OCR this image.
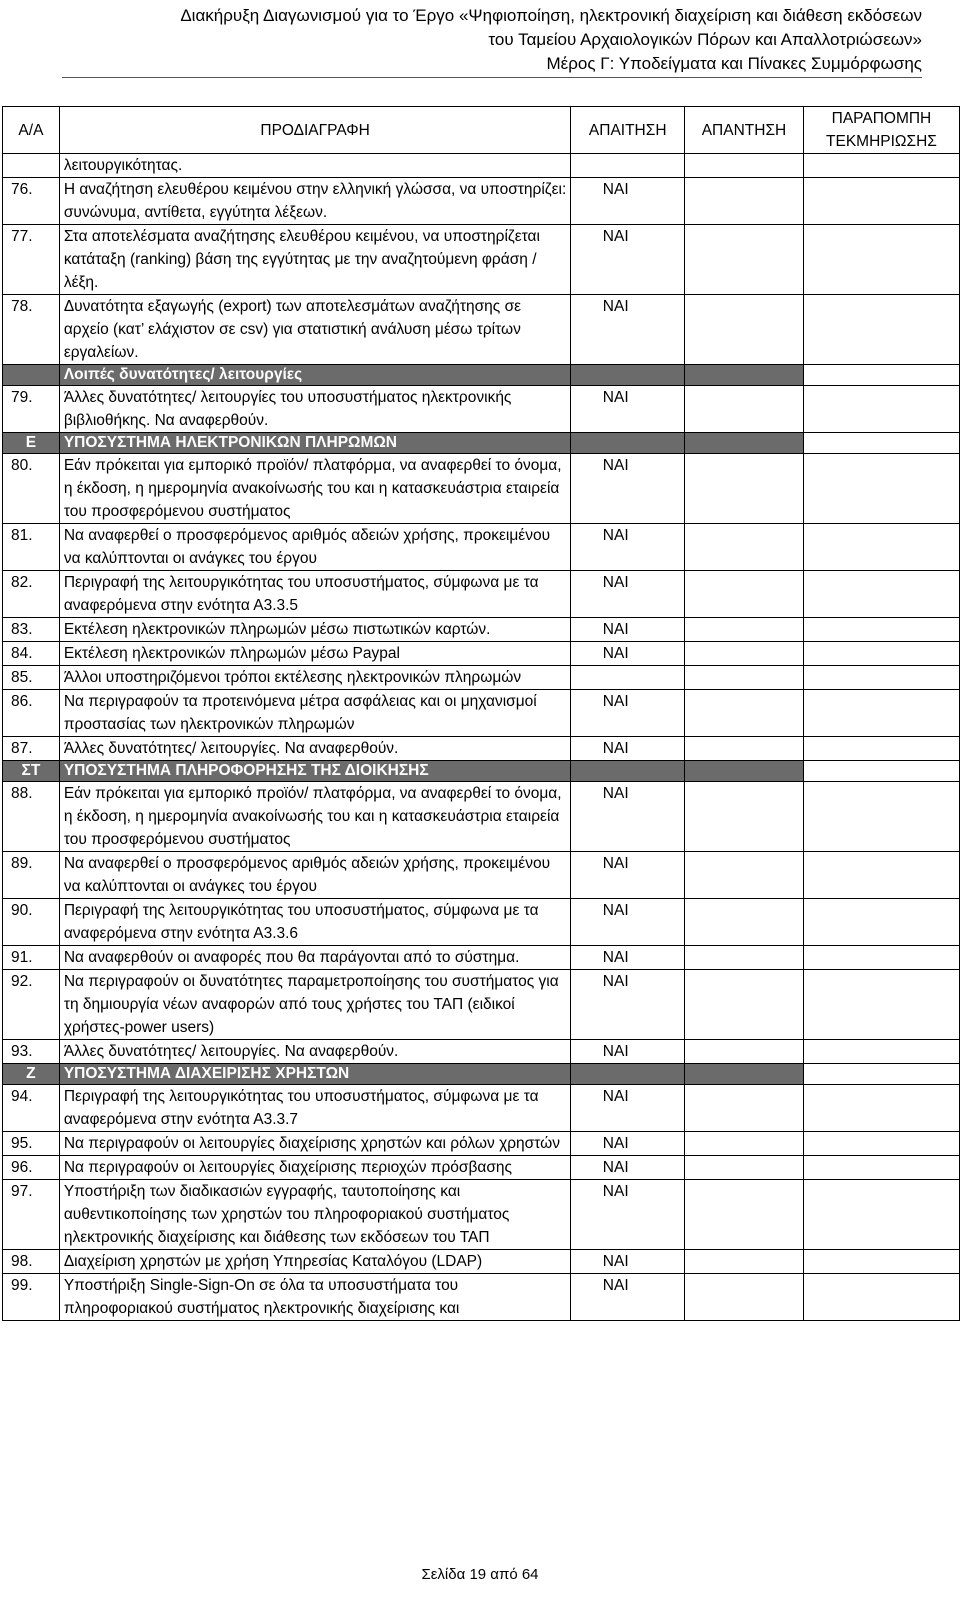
Διακήρυξη Διαγωνισμού για το Έργο «Ψηφιοποίηση, ηλεκτρονική διαχείριση και διάθεση εκδόσεων
του Ταμείου Αρχαιολογικών Πόρων και Απαλλοτριώσεων»
Μέρος Γ: Υποδείγματα και Πίνακες Συμμόρφωσης
Α/Α	ΠΡΟΔΙΑΓΡΑΦΗ	ΑΠΑΙΤΗΣΗ	ΑΠΑΝΤΗΣΗ	ΠΑΡΑΠΟΜΠΗ ΤΕΚΜΗΡΙΩΣΗΣ
	λειτουργικότητας.			
76.	Η αναζήτηση ελευθέρου κειμένου στην ελληνική γλώσσα, να υποστηρίζει: συνώνυμα, αντίθετα, εγγύτητα λέξεων.	ΝΑΙ		
77.	Στα αποτελέσματα αναζήτησης ελευθέρου κειμένου, να υποστηρίζεται κατάταξη (ranking) βάση της εγγύτητας με την αναζητούμενη φράση / λέξη.	ΝΑΙ		
78.	Δυνατότητα εξαγωγής (export) των αποτελεσμάτων αναζήτησης σε αρχείο (κατ’ ελάχιστον σε csv) για στατιστική ανάλυση μέσω τρίτων εργαλείων.	ΝΑΙ		
	Λοιπές δυνατότητες/ λειτουργίες			
79.	Άλλες δυνατότητες/ λειτουργίες του υποσυστήματος ηλεκτρονικής βιβλιοθήκης. Να αναφερθούν.	ΝΑΙ		
Ε	ΥΠΟΣΥΣΤΗΜΑ ΗΛΕΚΤΡΟΝΙΚΩΝ ΠΛΗΡΩΜΩΝ			
80.	Εάν πρόκειται για εμπορικό προϊόν/ πλατφόρμα, να αναφερθεί το όνομα, η έκδοση, η ημερομηνία ανακοίνωσής του και η κατασκευάστρια εταιρεία του προσφερόμενου συστήματος	ΝΑΙ		
81.	Να αναφερθεί ο προσφερόμενος αριθμός αδειών χρήσης, προκειμένου να καλύπτονται οι ανάγκες του έργου	ΝΑΙ		
82.	Περιγραφή της λειτουργικότητας του υποσυστήματος, σύμφωνα με τα αναφερόμενα στην ενότητα Α3.3.5	ΝΑΙ		
83.	Εκτέλεση ηλεκτρονικών πληρωμών μέσω πιστωτικών καρτών.	ΝΑΙ		
84.	Εκτέλεση ηλεκτρονικών πληρωμών μέσω Paypal	ΝΑΙ		
85.	Άλλοι υποστηριζόμενοι τρόποι εκτέλεσης ηλεκτρονικών πληρωμών			
86.	Να περιγραφούν τα προτεινόμενα μέτρα ασφάλειας και οι μηχανισμοί προστασίας των ηλεκτρονικών πληρωμών	ΝΑΙ		
87.	Άλλες δυνατότητες/ λειτουργίες. Να αναφερθούν.	ΝΑΙ		
ΣΤ	ΥΠΟΣΥΣΤΗΜΑ ΠΛΗΡΟΦΟΡΗΣΗΣ ΤΗΣ ΔΙΟΙΚΗΣΗΣ			
88.	Εάν πρόκειται για εμπορικό προϊόν/ πλατφόρμα, να αναφερθεί το όνομα, η έκδοση, η ημερομηνία ανακοίνωσής του και η κατασκευάστρια εταιρεία του προσφερόμενου συστήματος	ΝΑΙ		
89.	Να αναφερθεί ο προσφερόμενος αριθμός αδειών χρήσης, προκειμένου να καλύπτονται οι ανάγκες του έργου	ΝΑΙ		
90.	Περιγραφή της λειτουργικότητας του υποσυστήματος, σύμφωνα με τα αναφερόμενα στην ενότητα Α3.3.6	ΝΑΙ		
91.	Να αναφερθούν οι αναφορές που θα παράγονται από το σύστημα.	ΝΑΙ		
92.	Να περιγραφούν οι δυνατότητες παραμετροποίησης του συστήματος για τη δημιουργία νέων αναφορών από τους χρήστες του ΤΑΠ (ειδικοί χρήστες-power users)	ΝΑΙ		
93.	Άλλες δυνατότητες/ λειτουργίες. Να αναφερθούν.	ΝΑΙ		
Ζ	ΥΠΟΣΥΣΤΗΜΑ ΔΙΑΧΕΙΡΙΣΗΣ ΧΡΗΣΤΩΝ			
94.	Περιγραφή της λειτουργικότητας του υποσυστήματος, σύμφωνα με τα αναφερόμενα στην ενότητα Α3.3.7	ΝΑΙ		
95.	Να περιγραφούν οι λειτουργίες διαχείρισης χρηστών και ρόλων χρηστών	ΝΑΙ		
96.	Να περιγραφούν οι λειτουργίες διαχείρισης περιοχών πρόσβασης	ΝΑΙ		
97.	Υποστήριξη των διαδικασιών εγγραφής, ταυτοποίησης και αυθεντικοποίησης των χρηστών του πληροφοριακού συστήματος ηλεκτρονικής διαχείρισης και διάθεσης των εκδόσεων του ΤΑΠ	ΝΑΙ		
98.	Διαχείριση χρηστών με χρήση Υπηρεσίας Καταλόγου (LDAP)	ΝΑΙ		
99.	Υποστήριξη Single-Sign-On σε όλα τα υποσυστήματα του πληροφοριακού συστήματος ηλεκτρονικής διαχείρισης και	ΝΑΙ		
Σελίδα 19 από 64
